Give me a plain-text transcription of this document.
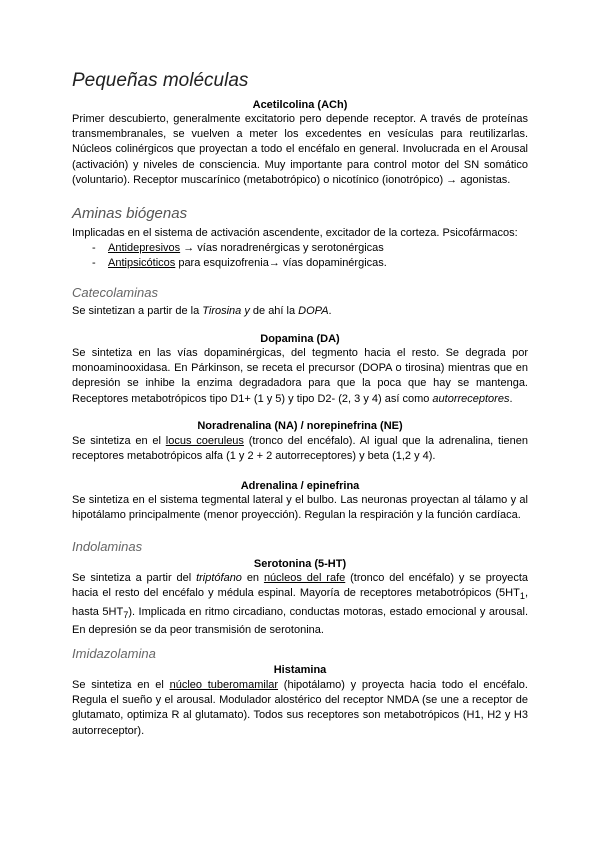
Pequeñas moléculas

Acetilcolina (ACh)

Primer descubierto, generalmente excitatorio pero depende receptor. A través de proteínas transmembranales, se vuelven a meter los excedentes en vesículas para reutilizarlas. Núcleos colinérgicos que proyectan a todo el encéfalo en general. Involucrada en el Arousal (activación) y niveles de consciencia. Muy importante para control motor del SN somático (voluntario). Receptor muscarínico (metabotrópico) o nicotínico (ionotrópico) → agonistas.

Aminas biógenas

Implicadas en el sistema de activación ascendente, excitador de la corteza. Psicofármacos:

- Antidepresivos → vías noradrenérgicas y serotonérgicas
- Antipsicóticos para esquizofrenia→ vías dopaminérgicas.
Catecolaminas

Se sintetizan a partir de la Tirosina y de ahí la DOPA.

Dopamina (DA)

Se sintetiza en las vías dopaminérgicas, del tegmento hacia el resto. Se degrada por monoaminooxidasa. En Párkinson, se receta el precursor (DOPA o tirosina) mientras que en depresión se inhibe la enzima degradadora para que la poca que hay se mantenga. Receptores metabotrópicos tipo D1+ (1 y 5) y tipo D2- (2, 3 y 4) así como autorreceptores.

Noradrenalina (NA) / norepinefrina (NE)

Se sintetiza en el locus coeruleus (tronco del encéfalo). Al igual que la adrenalina, tienen receptores metabotrópicos alfa (1 y 2 + 2 autorreceptores) y beta (1,2 y 4).

Adrenalina / epinefrina

Se sintetiza en el sistema tegmental lateral y el bulbo. Las neuronas proyectan al tálamo y al hipotálamo principalmente (menor proyección). Regulan la respiración y la función cardíaca.

Indolaminas

Serotonina (5-HT)

Se sintetiza a partir del triptófano en núcleos del rafe (tronco del encéfalo) y se proyecta hacia el resto del encéfalo y médula espinal. Mayoría de receptores metabotrópicos ($5HT_1$, hasta $5HT_7$). Implicada en ritmo circadiano, conductas motoras, estado emocional y arousal. En depresión se da peor transmisión de serotonina.

Imidazolamina

Histamina

Se sintetiza en el núcleo tuberomamilar (hipotálamo) y proyecta hacia todo el encéfalo. Regula el sueño y el arousal. Modulador alostérico del receptor NMDA (se une a receptor de glutamato, optimiza R al glutamato). Todos sus receptores son metabotrópicos (H1, H2 y H3 autorreceptor).
